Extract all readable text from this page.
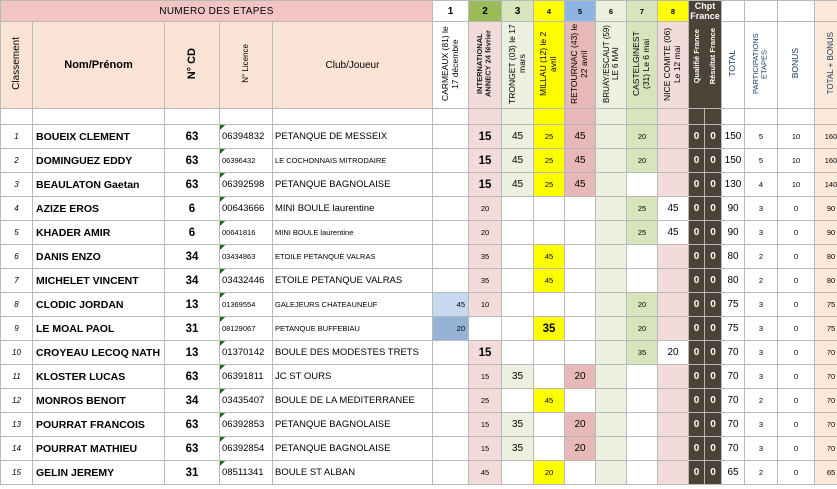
NUMERO DES ETAPES					1	2	3	4	5	6	7	8	Chpt France
Qualifié France Résultat France					

Classement	Nom/Prénom	N° CD	N° Licence	Club/Joueur	CARMEAUX (81) le 17 décembre	INTERNATIONAL ANNECY 24 février	TRONGET (03) le 17 mars	MILLAU (12) le 2 avril	RETOURNAC (43) le 22 avril	BRUAY/ESCAUT (59) LE 6 MAI	CASTELGINEST (31) Le 6 mai	NICE COMITE (06) Le 12 mai			TOTAL	PARTICIPATIONS ETAPES	BONUS	TOTAL + BONUS

1	BOUEIX CLEMENT	63	06394832	PETANQUE DE MESSEIX		15	45	25	45		20		0	0	150	5	10	160
2	DOMINGUEZ EDDY	63	06396432	LE COCHONNAIS MITRODAIRE		15	45	25	45		20		0	0	150	5	10	160
3	BEAULATON Gaetan	63	06392598	PETANQUE BAGNOLAISE		15	45	25	45				0	0	130	4	10	140
4	AZIZE EROS	6	00643666	MINI BOULE laurentine		20					25	45	0	0	90	3	0	90
5	KHADER AMIR	6	00641816	MINI BOULE laurentine		20					25	45	0	0	90	3	0	90
6	DANIS ENZO	34	03434863	ETOILE PETANQUE VALRAS		35		45					0	0	80	2	0	80
7	MICHELET VINCENT	34	03432446	ETOILE PETANQUE VALRAS		35		45					0	0	80	2	0	80
8	CLODIC JORDAN	13	01369554	GALEJEURS CHATEAUNEUF	45	10					20		0	0	75	3	0	75
9	LE MOAL PAOL	31	08129067	PETANQUE BUFFEBIAU	20			35			20		0	0	75	3	0	75
10	CROYEAU LECOQ NATH	13	01370142	BOULE DES MODESTES TRETS		15					35	20	0	0	70	3	0	70
11	KLOSTER LUCAS	63	06391811	JC ST OURS		15	35		20				0	0	70	3	0	70
12	MONROS BENOIT	34	03435407	BOULE DE LA MEDITERRANEE		25		45					0	0	70	2	0	70
13	POURRAT FRANCOIS	63	06392853	PETANQUE BAGNOLAISE		15	35		20				0	0	70	3	0	70
14	POURRAT MATHIEU	63	06392854	PETANQUE BAGNOLAISE		15	35		20				0	0	70	3	0	70
15	GELIN JEREMY	31	08511341	BOULE ST ALBAN		45		20					0	0	65	2	0	65
